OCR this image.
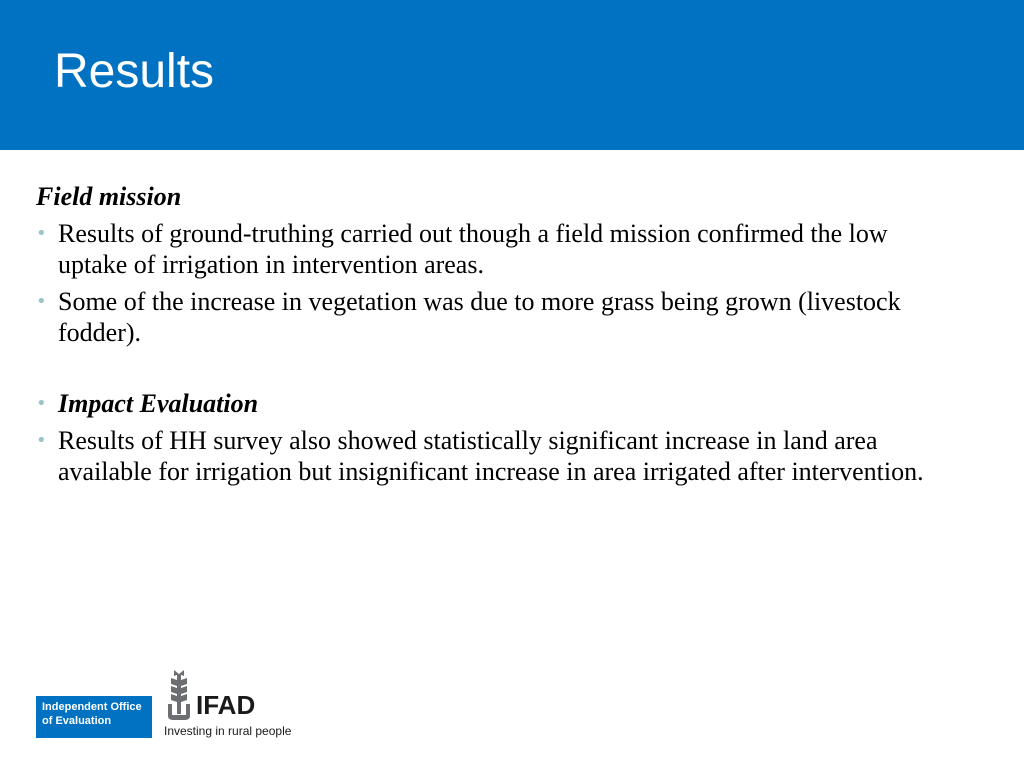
Results
Field mission
• Results of ground-truthing carried out though a field mission confirmed the low uptake of irrigation in intervention areas.
• Some of the increase in vegetation was due to more grass being grown (livestock fodder).
• Impact Evaluation
• Results of HH survey also showed statistically significant increase in land area available for irrigation but insignificant increase in area irrigated after intervention.
Independent Office
of Evaluation
IFAD
Investing in rural people
